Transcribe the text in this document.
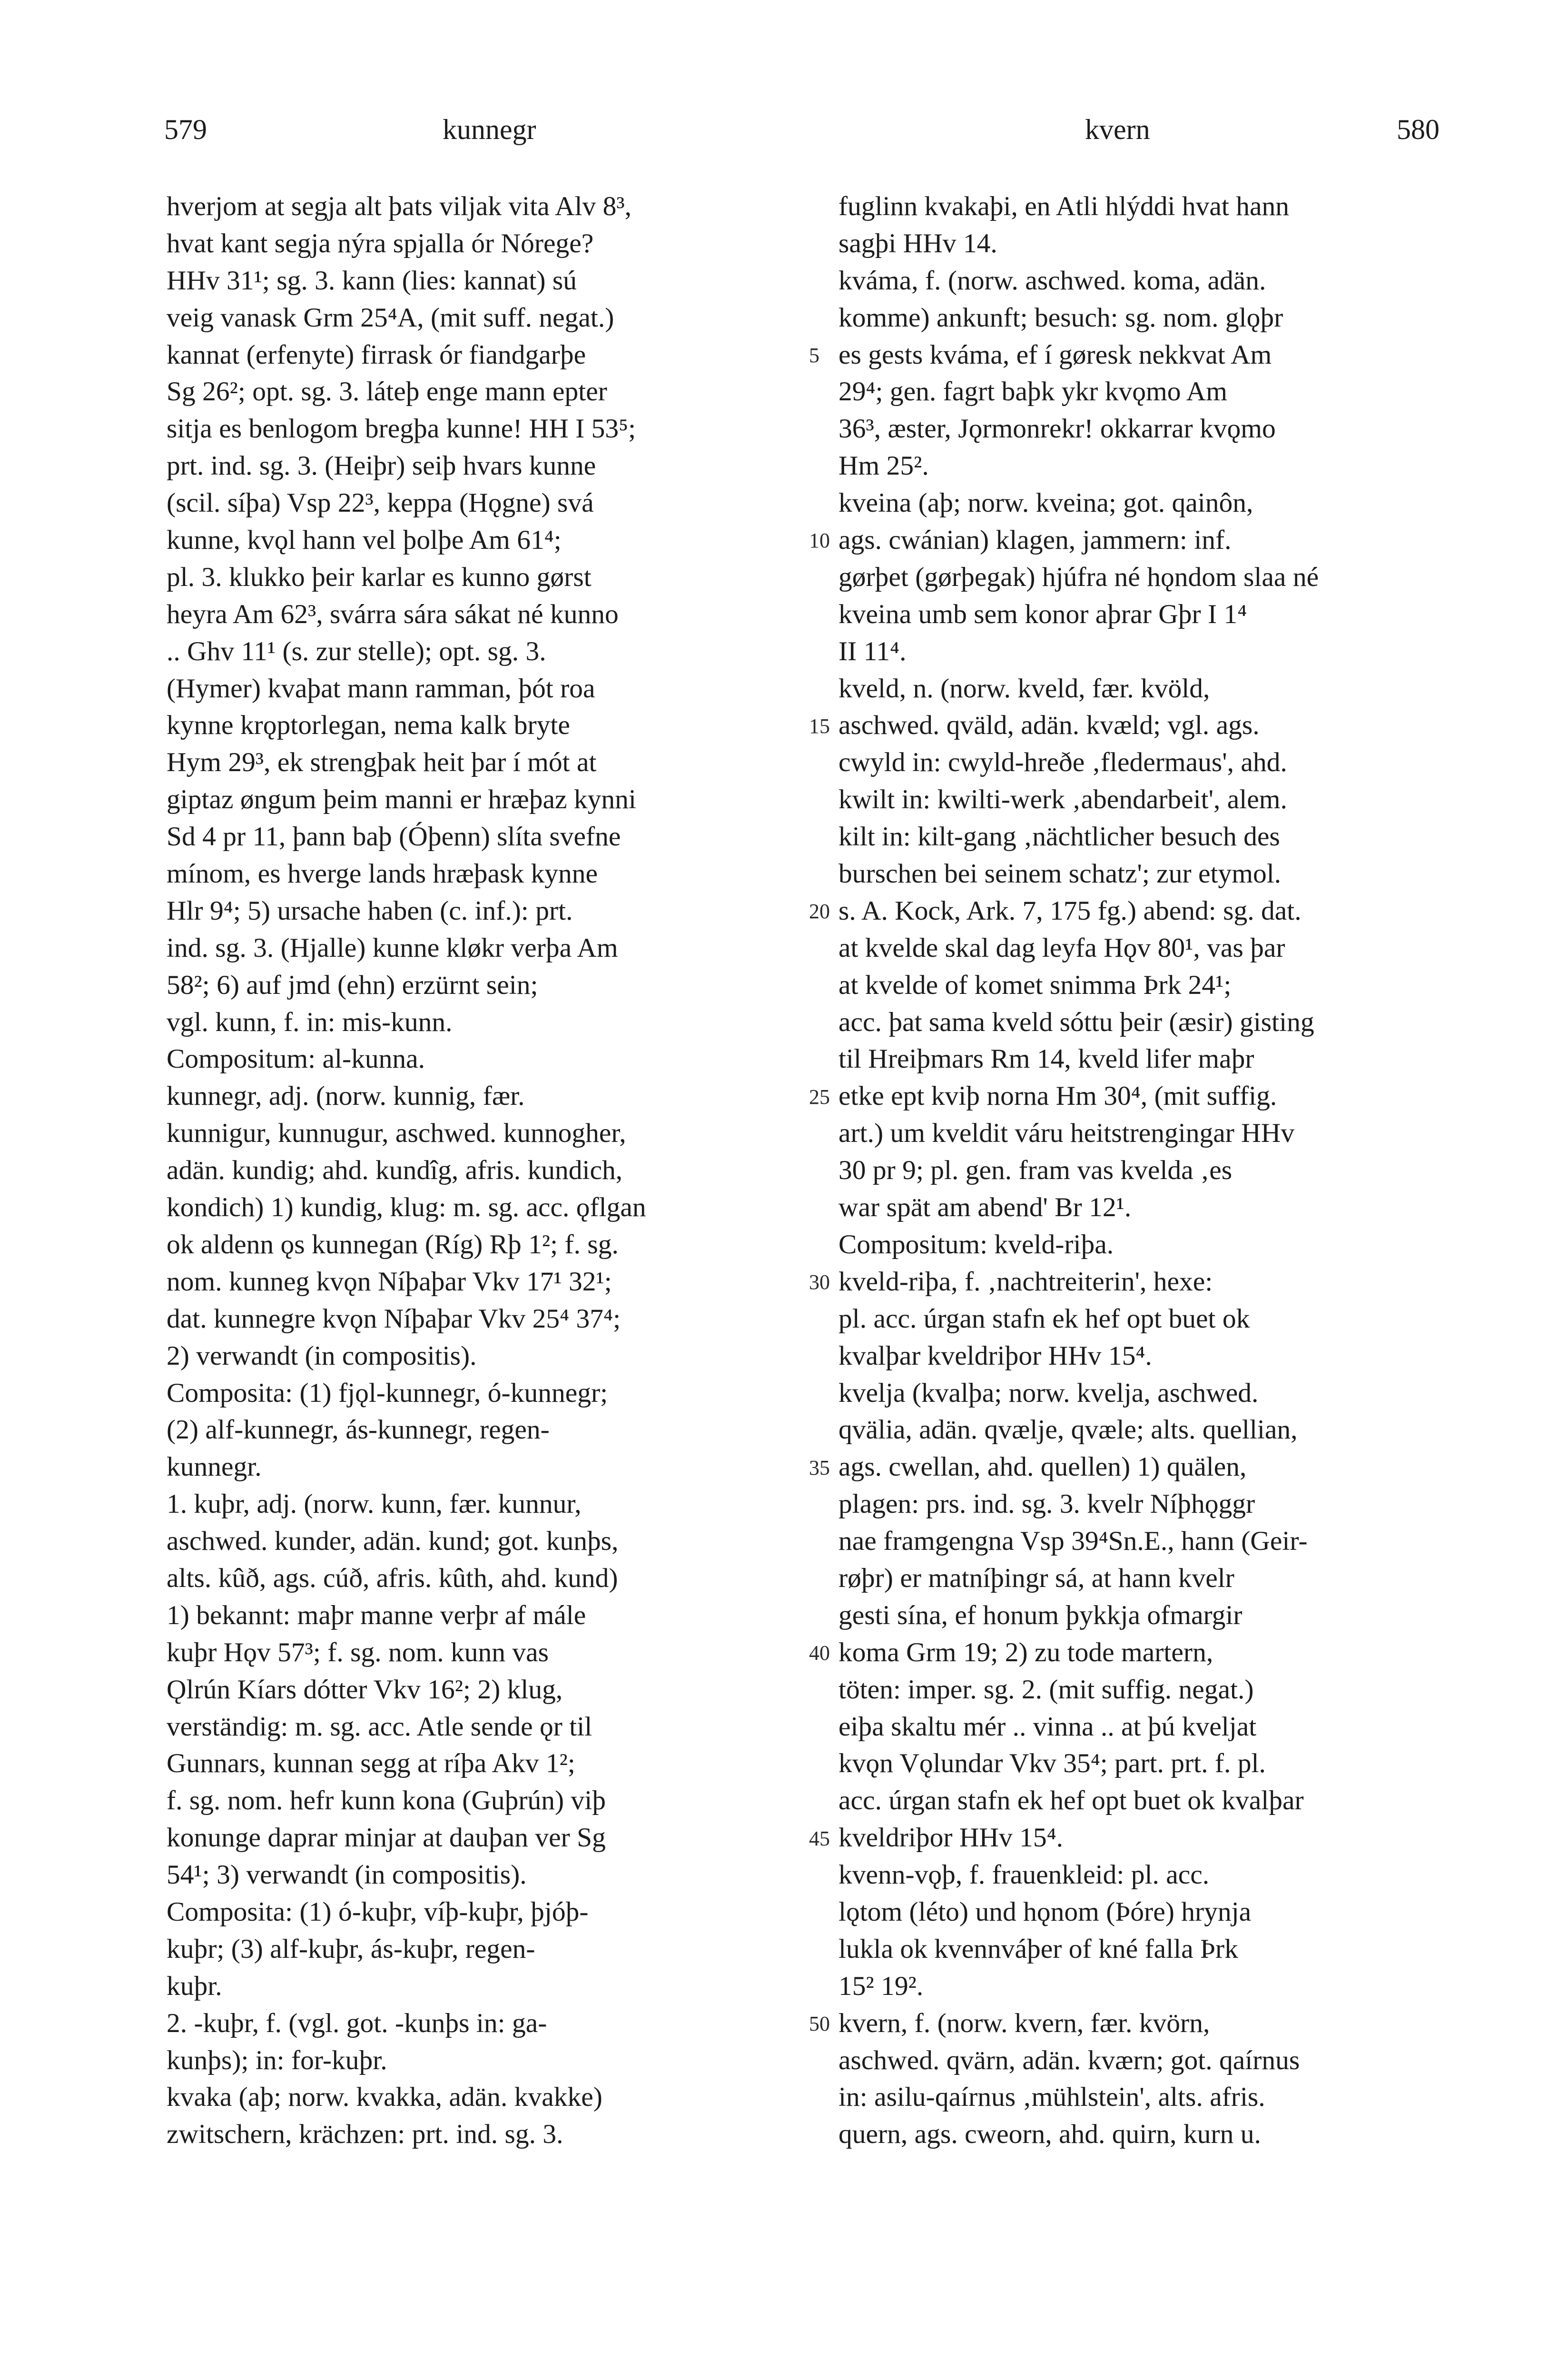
579	kunnegr	kvern	580
hverjom at segja alt þats viljak vita Alv 8³,
hvat kant segja nýra spjalla ór Nórege?
HHv 31¹; sg. 3. kann (lies: kannat) sú
veig vanask Grm 25⁴A, (mit suff. negat.)
kannat (erfenyte) firrask ór fiandgarþe
Sg 26²; opt. sg. 3. láteþ enge mann epter
sitja es benlogom bregþa kunne! HH I 53⁵;
prt. ind. sg. 3. (Heiþr) seiþ hvars kunne
(scil. síþa) Vsp 22³, keppa (Hǫgne) svá
kunne, kvǫl hann vel þolþe Am 61⁴;
pl. 3. klukko þeir karlar es kunno gørst
heyra Am 62³, svárra sára sákat né kunno
.. Ghv 11¹ (s. zur stelle); opt. sg. 3.
(Hymer) kvaþat mann ramman, þót roa
kynne krǫptorlegan, nema kalk bryte
Hym 29³, ek strengþak heit þar í mót at
giptaz øngum þeim manni er hræþaz kynni
Sd 4 pr 11, þann baþ (Óþenn) slíta svefne
mínom, es hverge lands hræþask kynne
Hlr 9⁴; 5) ursache haben (c. inf.): prt.
ind. sg. 3. (Hjalle) kunne kløkr verþa Am
58²; 6) auf jmd (ehn) erzürnt sein;
vgl. kunn, f. in: mis-kunn.
Compositum: al-kunna.
kunnegr, adj. (norw. kunnig, fær.
kunnigur, kunnugur, aschwed. kunnogher,
adän. kundig; ahd. kundîg, afris. kundich,
kondich) 1) kundig, klug: m. sg. acc. ǫflgan
ok aldenn ǫs kunnegan (Ríg) Rþ 1²; f. sg.
nom. kunneg kvǫn Níþaþar Vkv 17¹ 32¹;
dat. kunnegre kvǫn Níþaþar Vkv 25⁴ 37⁴;
2) verwandt (in compositis).
Composita: (1) fjǫl-kunnegr, ó-kunnegr;
(2) alf-kunnegr, ás-kunnegr, regen-
kunnegr.
1. kuþr, adj. (norw. kunn, fær. kunnur,
aschwed. kunder, adän. kund; got. kunþs,
alts. kûð, ags. cúð, afris. kûth, ahd. kund)
1) bekannt: maþr manne verþr af mále
kuþr Hǫv 57³; f. sg. nom. kunn vas
Ǫlrún Kíars dótter Vkv 16²; 2) klug,
verständig: m. sg. acc. Atle sende ǫr til
Gunnars, kunnan segg at ríþa Akv 1²;
f. sg. nom. hefr kunn kona (Guþrún) viþ
konunge daprar minjar at dauþan ver Sg
54¹; 3) verwandt (in compositis).
Composita: (1) ó-kuþr, víþ-kuþr, þjóþ-
kuþr; (3) alf-kuþr, ás-kuþr, regen-
kuþr.
2. -kuþr, f. (vgl. got. -kunþs in: ga-
kunþs); in: for-kuþr.
kvaka (aþ; norw. kvakka, adän. kvakke)
zwitschern, krächzen: prt. ind. sg. 3.
fuglinn kvakaþi, en Atli hlýddi hvat hann
sagþi HHv 14.
kváma, f. (norw. aschwed. koma, adän.
komme) ankunft; besuch: sg. nom. glǫþr
es gests kváma, ef í gøresk nekkvat Am
29⁴; gen. fagrt baþk ykr kvǫmo Am
36³, æster, Jǫrmonrekr! okkarrar kvǫmo
Hm 25².
kveina (aþ; norw. kveina; got. qainôn,
ags. cwánian) klagen, jammern: inf.
gørþet (gørþegak) hjúfra né hǫndom slaa né
kveina umb sem konor aþrar Gþr I 1⁴
II 11⁴.
kveld, n. (norw. kveld, fær. kvöld,
aschwed. qväld, adän. kvæld; vgl. ags.
cwyld in: cwyld-hreðe ‚fledermaus', ahd.
kwilt in: kwilti-werk ‚abendarbeit', alem.
kilt in: kilt-gang ‚nächtlicher besuch des
burschen bei seinem schatz'; zur etymol.
s. A. Kock, Ark. 7, 175 fg.) abend: sg. dat.
at kvelde skal dag leyfa Hǫv 80¹, vas þar
at kvelde of komet snimma Þrk 24¹;
acc. þat sama kveld sóttu þeir (æsir) gisting
til Hreiþmars Rm 14, kveld lifer maþr
etke ept kviþ norna Hm 30⁴, (mit suffig.
art.) um kveldit váru heitstrengingar HHv
30 pr 9; pl. gen. fram vas kvelda ‚es
war spät am abend' Br 12¹.
Compositum: kveld-riþa.
kveld-riþa, f. ‚nachtreiterin', hexe:
pl. acc. úrgan stafn ek hef opt buet ok
kvalþar kveldriþor HHv 15⁴.
kvelja (kvalþa; norw. kvelja, aschwed.
qvälia, adän. qvælje, qvæle; alts. quellian,
ags. cwellan, ahd. quellen) 1) quälen,
plagen: prs. ind. sg. 3. kvelr Níþhǫggr
nae framgengna Vsp 39⁴Sn.E., hann (Geir-
røþr) er matníþingr sá, at hann kvelr
gesti sína, ef honum þykkja ofmargir
koma Grm 19; 2) zu tode martern,
töten: imper. sg. 2. (mit suffig. negat.)
eiþa skaltu mér .. vinna .. at þú kveljat
kvǫn Vǫlundar Vkv 35⁴; part. prt. f. pl.
acc. úrgan stafn ek hef opt buet ok kvalþar
kveldriþor HHv 15⁴.
kvenn-vǫþ, f. frauenkleid: pl. acc.
lǫtom (léto) und hǫnom (Þóre) hrynja
lukla ok kvennváþer of kné falla Þrk
15² 19².
kvern, f. (norw. kvern, fær. kvörn,
aschwed. qvärn, adän. kværn; got. qaírnus
in: asilu-qaírnus ‚mühlstein', alts. afris.
quern, ags. cweorn, ahd. quirn, kurn u.
5
10
15
20
25
30
35
40
45
50
